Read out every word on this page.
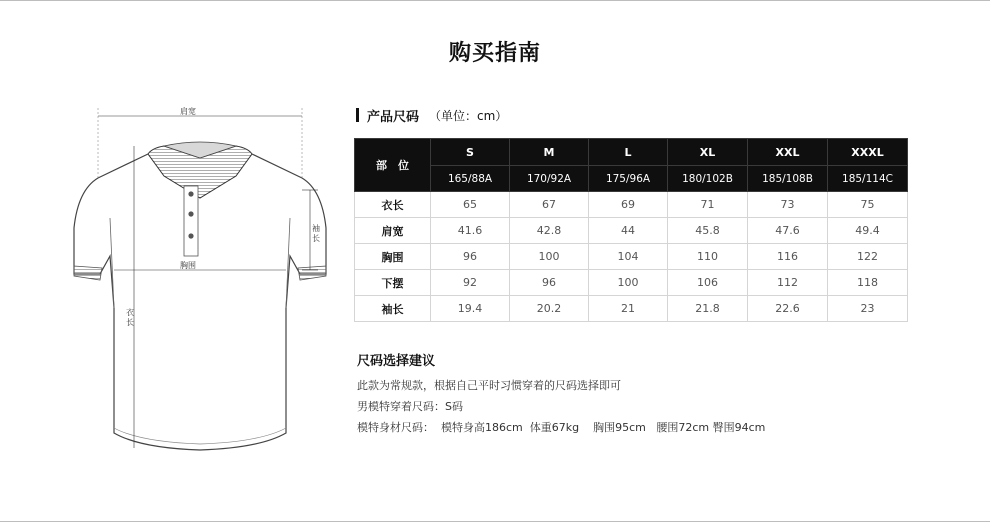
购买指南
肩宽
胸围
衣长
袖长
产品尺码 （单位：cm）
部　位	S	M	L	XL	XXL	XXXL
	165/88A	170/92A	175/96A	180/102B	185/108B	185/114C
衣长	65	67	69	71	73	75
肩宽	41.6	42.8	44	45.8	47.6	49.4
胸围	96	100	104	110	116	122
下摆	92	96	100	106	112	118
袖长	19.4	20.2	21	21.8	22.6	23
尺码选择建议
此款为常规款，根据自己平时习惯穿着的尺码选择即可
男模特穿着尺码：S码
模特身材尺码：  模特身高186cm  体重67kg    胸围95cm   腰围72cm 臀围94cm
